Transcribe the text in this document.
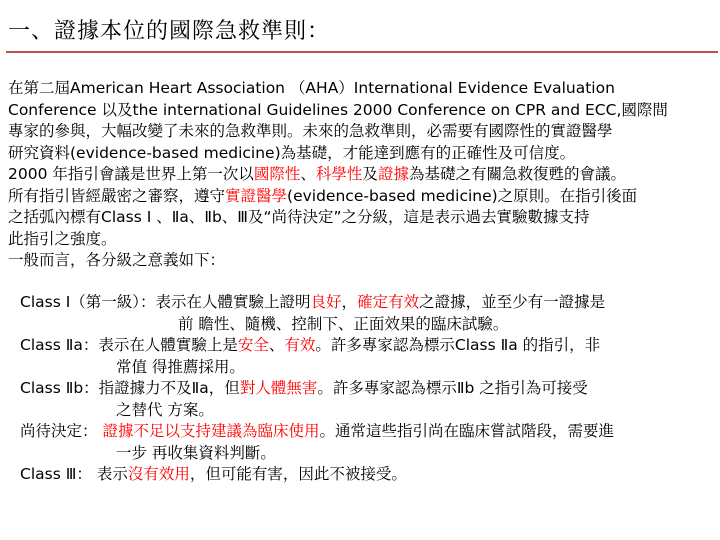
一、證據本位的國際急救準則：
在第二屆American Heart Association （AHA）International Evidence Evaluation
Conference 以及the international Guidelines 2000 Conference on CPR and ECC,國際間
專家的參與，大幅改變了未來的急救準則。未來的急救準則，必需要有國際性的實證醫學
研究資料(evidence-based medicine)為基礎，才能達到應有的正確性及可信度。
2000 年指引會議是世界上第一次以國際性、科學性及證據為基礎之有關急救復甦的會議。
所有指引皆經嚴密之審察，遵守實證醫學(evidence-based medicine)之原則。在指引後面
之括弧內標有Class Ⅰ 、Ⅱa、Ⅱb、Ⅲ及“尚待決定”之分級，這是表示過去實驗數據支持
此指引之強度。
一般而言，各分級之意義如下：
Class Ⅰ（第一級）：表示在人體實驗上證明良好，確定有效之證據，並至少有一證據是
前 瞻性、隨機、控制下、正面效果的臨床試驗。
Class Ⅱa：表示在人體實驗上是安全、有效。許多專家認為標示Class Ⅱa 的指引，非
常值 得推薦採用。
Class Ⅱb：指證據力不及Ⅱa，但對人體無害。許多專家認為標示Ⅱb 之指引為可接受
之替代 方案。
尚待決定： 證據不足以支持建議為臨床使用。通常這些指引尚在臨床嘗試階段，需要進
一步 再收集資料判斷。
Class Ⅲ： 表示沒有效用，但可能有害，因此不被接受。
